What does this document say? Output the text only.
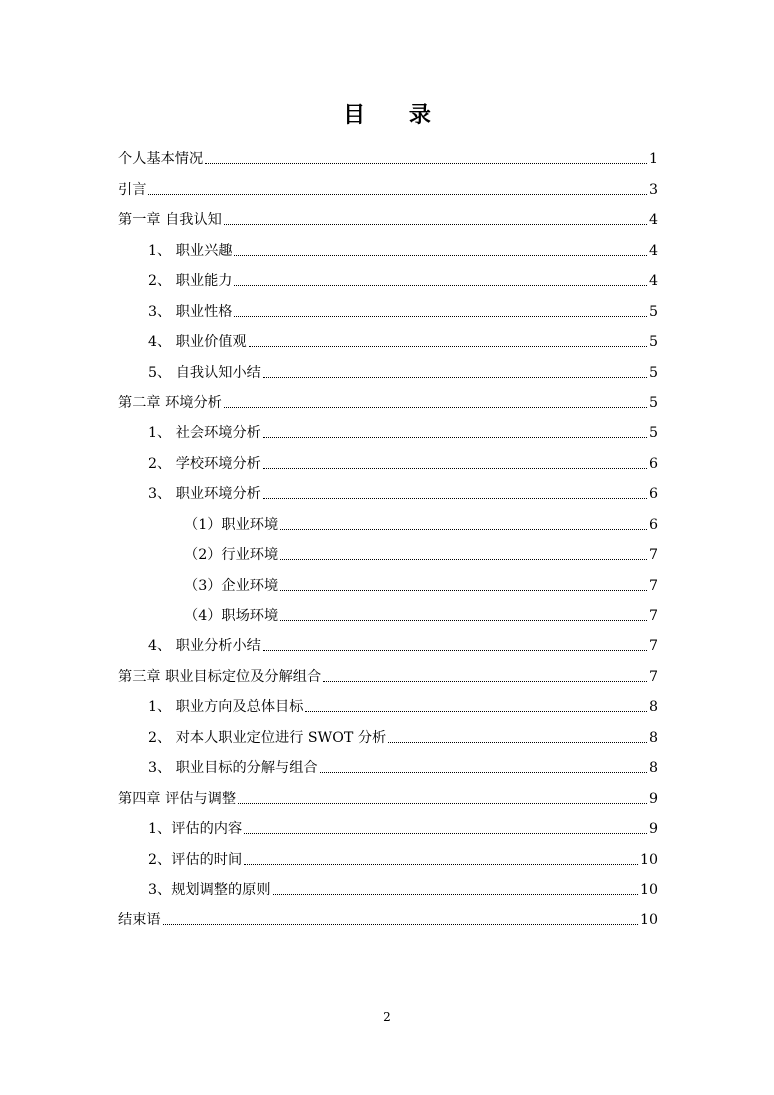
目 录
个人基本情况	1
引言	3
第一章 自我认知	4
1、 职业兴趣	4
2、 职业能力	4
3、 职业性格	5
4、 职业价值观	5
5、 自我认知小结	5
第二章 环境分析	5
1、 社会环境分析	5
2、 学校环境分析	6
3、 职业环境分析	6
（1）职业环境	6
（2）行业环境	7
（3）企业环境	7
（4）职场环境	7
4、 职业分析小结	7
第三章 职业目标定位及分解组合	7
1、 职业方向及总体目标	8
2、 对本人职业定位进行 SWOT 分析	8
3、 职业目标的分解与组合	8
第四章 评估与调整	9
1、评估的内容	9
2、评估的时间	10
3、规划调整的原则	10
结束语	10
2
